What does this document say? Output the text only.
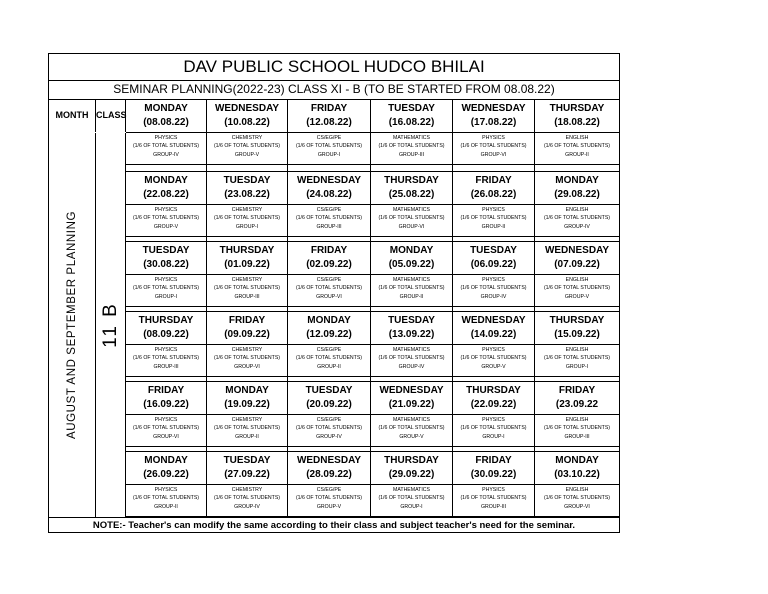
DAV PUBLIC SCHOOL HUDCO BHILAI
SEMINAR PLANNING(2022-23) CLASS XI - B (TO BE STARTED FROM 08.08.22)
MONTH CLASS
AUGUST AND SEPTEMBER PLANNING 11 B
MONDAY
(08.08.22)
PHYSICS
(1/6 OF TOTAL STUDENTS)
GROUP-IV
WEDNESDAY
(10.08.22)
CHEMISTRY
(1/6 OF TOTAL STUDENTS)
GROUP-V
FRIDAY
(12.08.22)
CS/EG/PE
(1/6 OF TOTAL STUDENTS)
GROUP-I
TUESDAY
(16.08.22)
MATHEMATICS
(1/6 OF TOTAL STUDENTS)
GROUP-III
WEDNESDAY
(17.08.22)
PHYSICS
(1/6 OF TOTAL STUDENTS)
GROUP-VI
THURSDAY
(18.08.22)
ENGLISH
(1/6 OF TOTAL STUDENTS)
GROUP-II
MONDAY
(22.08.22)
PHYSICS
(1/6 OF TOTAL STUDENTS)
GROUP-V
TUESDAY
(23.08.22)
CHEMISTRY
(1/6 OF TOTAL STUDENTS)
GROUP-I
WEDNESDAY
(24.08.22)
CS/EG/PE
(1/6 OF TOTAL STUDENTS)
GROUP-III
THURSDAY
(25.08.22)
MATHEMATICS
(1/6 OF TOTAL STUDENTS)
GROUP-VI
FRIDAY
(26.08.22)
PHYSICS
(1/6 OF TOTAL STUDENTS)
GROUP-II
MONDAY
(29.08.22)
ENGLISH
(1/6 OF TOTAL STUDENTS)
GROUP-IV
TUESDAY
(30.08.22)
PHYSICS
(1/6 OF TOTAL STUDENTS)
GROUP-I
THURSDAY
(01.09.22)
CHEMISTRY
(1/6 OF TOTAL STUDENTS)
GROUP-III
FRIDAY
(02.09.22)
CS/EG/PE
(1/6 OF TOTAL STUDENTS)
GROUP-VI
MONDAY
(05.09.22)
MATHEMATICS
(1/6 OF TOTAL STUDENTS)
GROUP-II
TUESDAY
(06.09.22)
PHYSICS
(1/6 OF TOTAL STUDENTS)
GROUP-IV
WEDNESDAY
(07.09.22)
ENGLISH
(1/6 OF TOTAL STUDENTS)
GROUP-V
THURSDAY
(08.09.22)
PHYSICS
(1/6 OF TOTAL STUDENTS)
GROUP-III
FRIDAY
(09.09.22)
CHEMISTRY
(1/6 OF TOTAL STUDENTS)
GROUP-VI
MONDAY
(12.09.22)
CS/EG/PE
(1/6 OF TOTAL STUDENTS)
GROUP-II
TUESDAY
(13.09.22)
MATHEMATICS
(1/6 OF TOTAL STUDENTS)
GROUP-IV
WEDNESDAY
(14.09.22)
PHYSICS
(1/6 OF TOTAL STUDENTS)
GROUP-V
THURSDAY
(15.09.22)
ENGLISH
(1/6 OF TOTAL STUDENTS)
GROUP-I
FRIDAY
(16.09.22)
PHYSICS
(1/6 OF TOTAL STUDENTS)
GROUP-VI
MONDAY
(19.09.22)
CHEMISTRY
(1/6 OF TOTAL STUDENTS)
GROUP-II
TUESDAY
(20.09.22)
CS/EG/PE
(1/6 OF TOTAL STUDENTS)
GROUP-IV
WEDNESDAY
(21.09.22)
MATHEMATICS
(1/6 OF TOTAL STUDENTS)
GROUP-V
THURSDAY
(22.09.22)
PHYSICS
(1/6 OF TOTAL STUDENTS)
GROUP-I
FRIDAY
(23.09.22
ENGLISH
(1/6 OF TOTAL STUDENTS)
GROUP-III
MONDAY
(26.09.22)
PHYSICS
(1/6 OF TOTAL STUDENTS)
GROUP-II
TUESDAY
(27.09.22)
CHEMISTRY
(1/6 OF TOTAL STUDENTS)
GROUP-IV
WEDNESDAY
(28.09.22)
CS/EG/PE
(1/6 OF TOTAL STUDENTS)
GROUP-V
THURSDAY
(29.09.22)
MATHEMATICS
(1/6 OF TOTAL STUDENTS)
GROUP-I
FRIDAY
(30.09.22)
PHYSICS
(1/6 OF TOTAL STUDENTS)
GROUP-III
MONDAY
(03.10.22)
ENGLISH
(1/6 OF TOTAL STUDENTS)
GROUP-VI
NOTE:- Teacher's can modify the same according to their class and subject teacher's need for the seminar.
